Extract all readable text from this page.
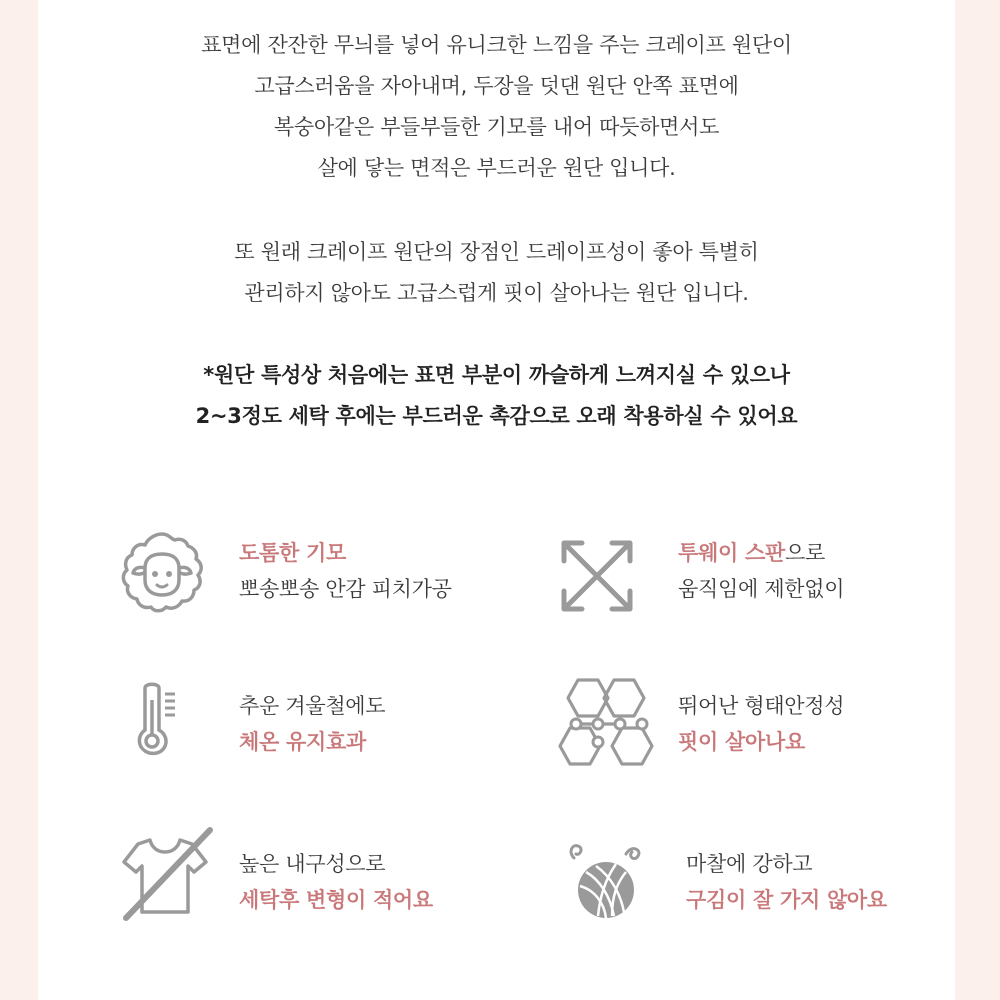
표면에 잔잔한 무늬를 넣어 유니크한 느낌을 주는 크레이프 원단이
고급스러움을 자아내며, 두장을 덧댄 원단 안쪽 표면에
복숭아같은 부들부들한 기모를 내어 따듯하면서도
살에 닿는 면적은 부드러운 원단 입니다.
또 원래 크레이프 원단의 장점인 드레이프성이 좋아 특별히
관리하지 않아도 고급스럽게 핏이 살아나는 원단 입니다.
*원단 특성상 처음에는 표면 부분이 까슬하게 느껴지실 수 있으나
2~3정도 세탁 후에는 부드러운 촉감으로 오래 착용하실 수 있어요
도톰한 기모
뽀송뽀송 안감 피치가공
투웨이 스판으로
움직임에 제한없이
추운 겨울철에도
체온 유지효과
뛰어난 형태안정성
핏이 살아나요
높은 내구성으로
세탁후 변형이 적어요
마찰에 강하고
구김이 잘 가지 않아요
